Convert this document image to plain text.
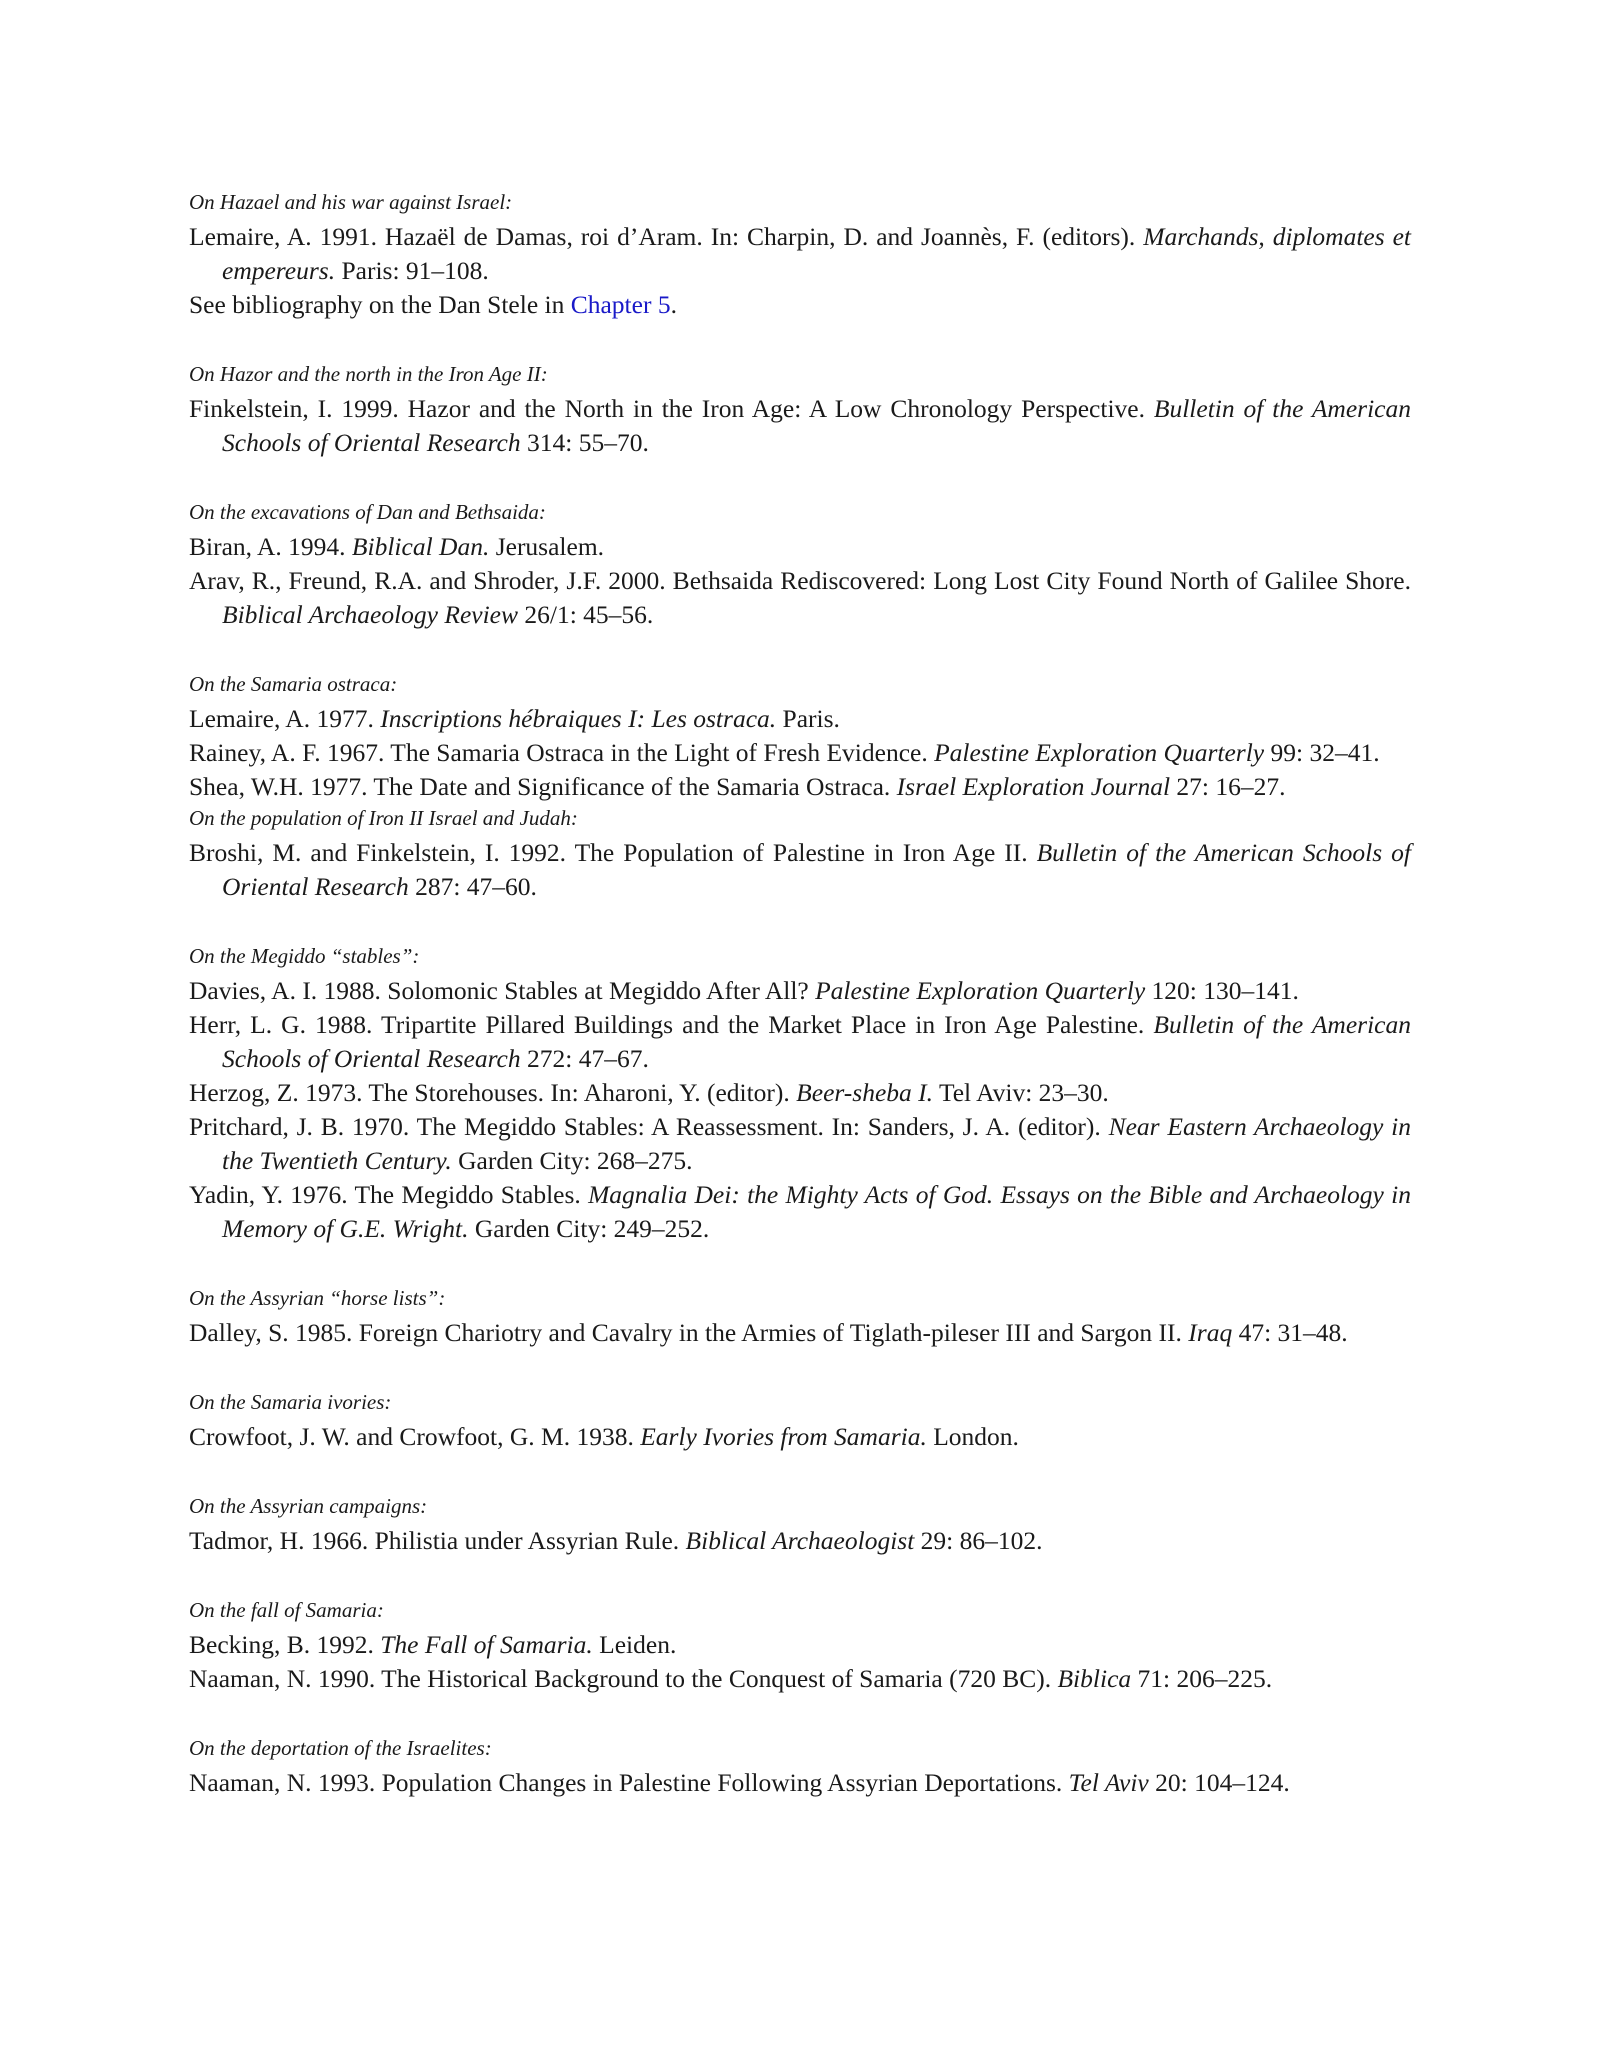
On Hazael and his war against Israel:

Lemaire, A. 1991. Hazaël de Damas, roi d’Aram. In: Charpin, D. and Joannès, F. (editors). Marchands, diplomates et empereurs. Paris: 91–108.

See bibliography on the Dan Stele in Chapter 5.

On Hazor and the north in the Iron Age II:

Finkelstein, I. 1999. Hazor and the North in the Iron Age: A Low Chronology Perspective. Bulletin of the American Schools of Oriental Research 314: 55–70.

On the excavations of Dan and Bethsaida:

Biran, A. 1994. Biblical Dan. Jerusalem.

Arav, R., Freund, R.A. and Shroder, J.F. 2000. Bethsaida Rediscovered: Long Lost City Found North of Galilee Shore. Biblical Archaeology Review 26/1: 45–56.

On the Samaria ostraca:

Lemaire, A. 1977. Inscriptions hébraiques I: Les ostraca. Paris.

Rainey, A. F. 1967. The Samaria Ostraca in the Light of Fresh Evidence. Palestine Exploration Quarterly 99: 32–41.

Shea, W.H. 1977. The Date and Significance of the Samaria Ostraca. Israel Exploration Journal 27: 16–27.

On the population of Iron II Israel and Judah:

Broshi, M. and Finkelstein, I. 1992. The Population of Palestine in Iron Age II. Bulletin of the American Schools of Oriental Research 287: 47–60.

On the Megiddo “stables”:

Davies, A. I. 1988. Solomonic Stables at Megiddo After All? Palestine Exploration Quarterly 120: 130–141.

Herr, L. G. 1988. Tripartite Pillared Buildings and the Market Place in Iron Age Palestine. Bulletin of the American Schools of Oriental Research 272: 47–67.

Herzog, Z. 1973. The Storehouses. In: Aharoni, Y. (editor). Beer-sheba I. Tel Aviv: 23–30.

Pritchard, J. B. 1970. The Megiddo Stables: A Reassessment. In: Sanders, J. A. (editor). Near Eastern Archaeology in the Twentieth Century. Garden City: 268–275.

Yadin, Y. 1976. The Megiddo Stables. Magnalia Dei: the Mighty Acts of God. Essays on the Bible and Archaeology in Memory of G.E. Wright. Garden City: 249–252.

On the Assyrian “horse lists”:

Dalley, S. 1985. Foreign Chariotry and Cavalry in the Armies of Tiglath-pileser III and Sargon II. Iraq 47: 31–48.

On the Samaria ivories:

Crowfoot, J. W. and Crowfoot, G. M. 1938. Early Ivories from Samaria. London.

On the Assyrian campaigns:

Tadmor, H. 1966. Philistia under Assyrian Rule. Biblical Archaeologist 29: 86–102.

On the fall of Samaria:

Becking, B. 1992. The Fall of Samaria. Leiden.

Naaman, N. 1990. The Historical Background to the Conquest of Samaria (720 BC). Biblica 71: 206–225.

On the deportation of the Israelites:

Naaman, N. 1993. Population Changes in Palestine Following Assyrian Deportations. Tel Aviv 20: 104–124.
